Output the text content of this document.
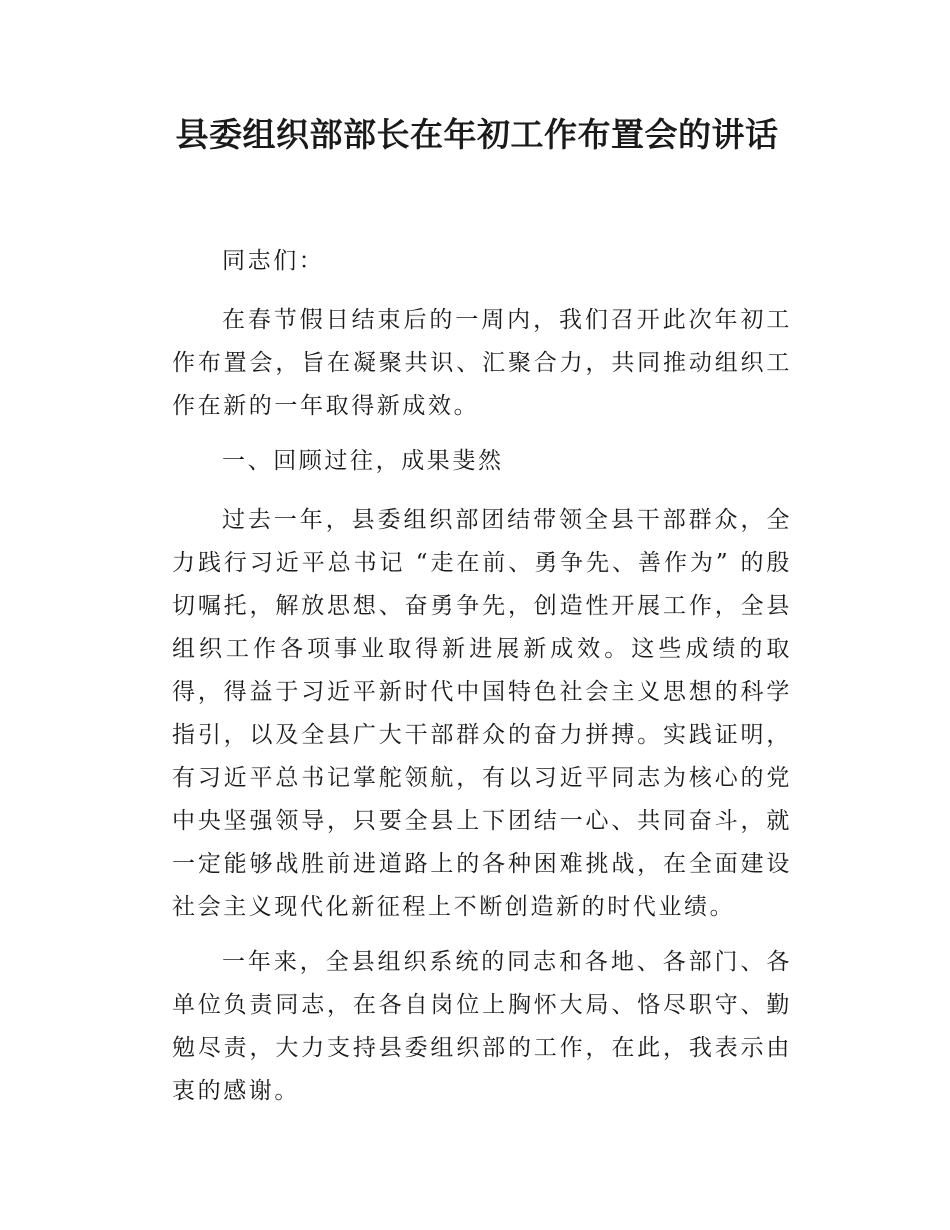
县委组织部部长在年初工作布置会的讲话

同志们：

在春节假日结束后的一周内，我们召开此次年初工作布置会，旨在凝聚共识、汇聚合力，共同推动组织工作在新的一年取得新成效。

一、回顾过往，成果斐然

过去一年，县委组织部团结带领全县干部群众，全力践行习近平总书记 “走在前、勇争先、善作为” 的殷切嘱托，解放思想、奋勇争先，创造性开展工作，全县组织工作各项事业取得新进展新成效。这些成绩的取得，得益于习近平新时代中国特色社会主义思想的科学指引，以及全县广大干部群众的奋力拼搏。实践证明，有习近平总书记掌舵领航，有以习近平同志为核心的党中央坚强领导，只要全县上下团结一心、共同奋斗，就一定能够战胜前进道路上的各种困难挑战，在全面建设社会主义现代化新征程上不断创造新的时代业绩。

一年来，全县组织系统的同志和各地、各部门、各单位负责同志，在各自岗位上胸怀大局、恪尽职守、勤勉尽责，大力支持县委组织部的工作，在此，我表示由衷的感谢。
